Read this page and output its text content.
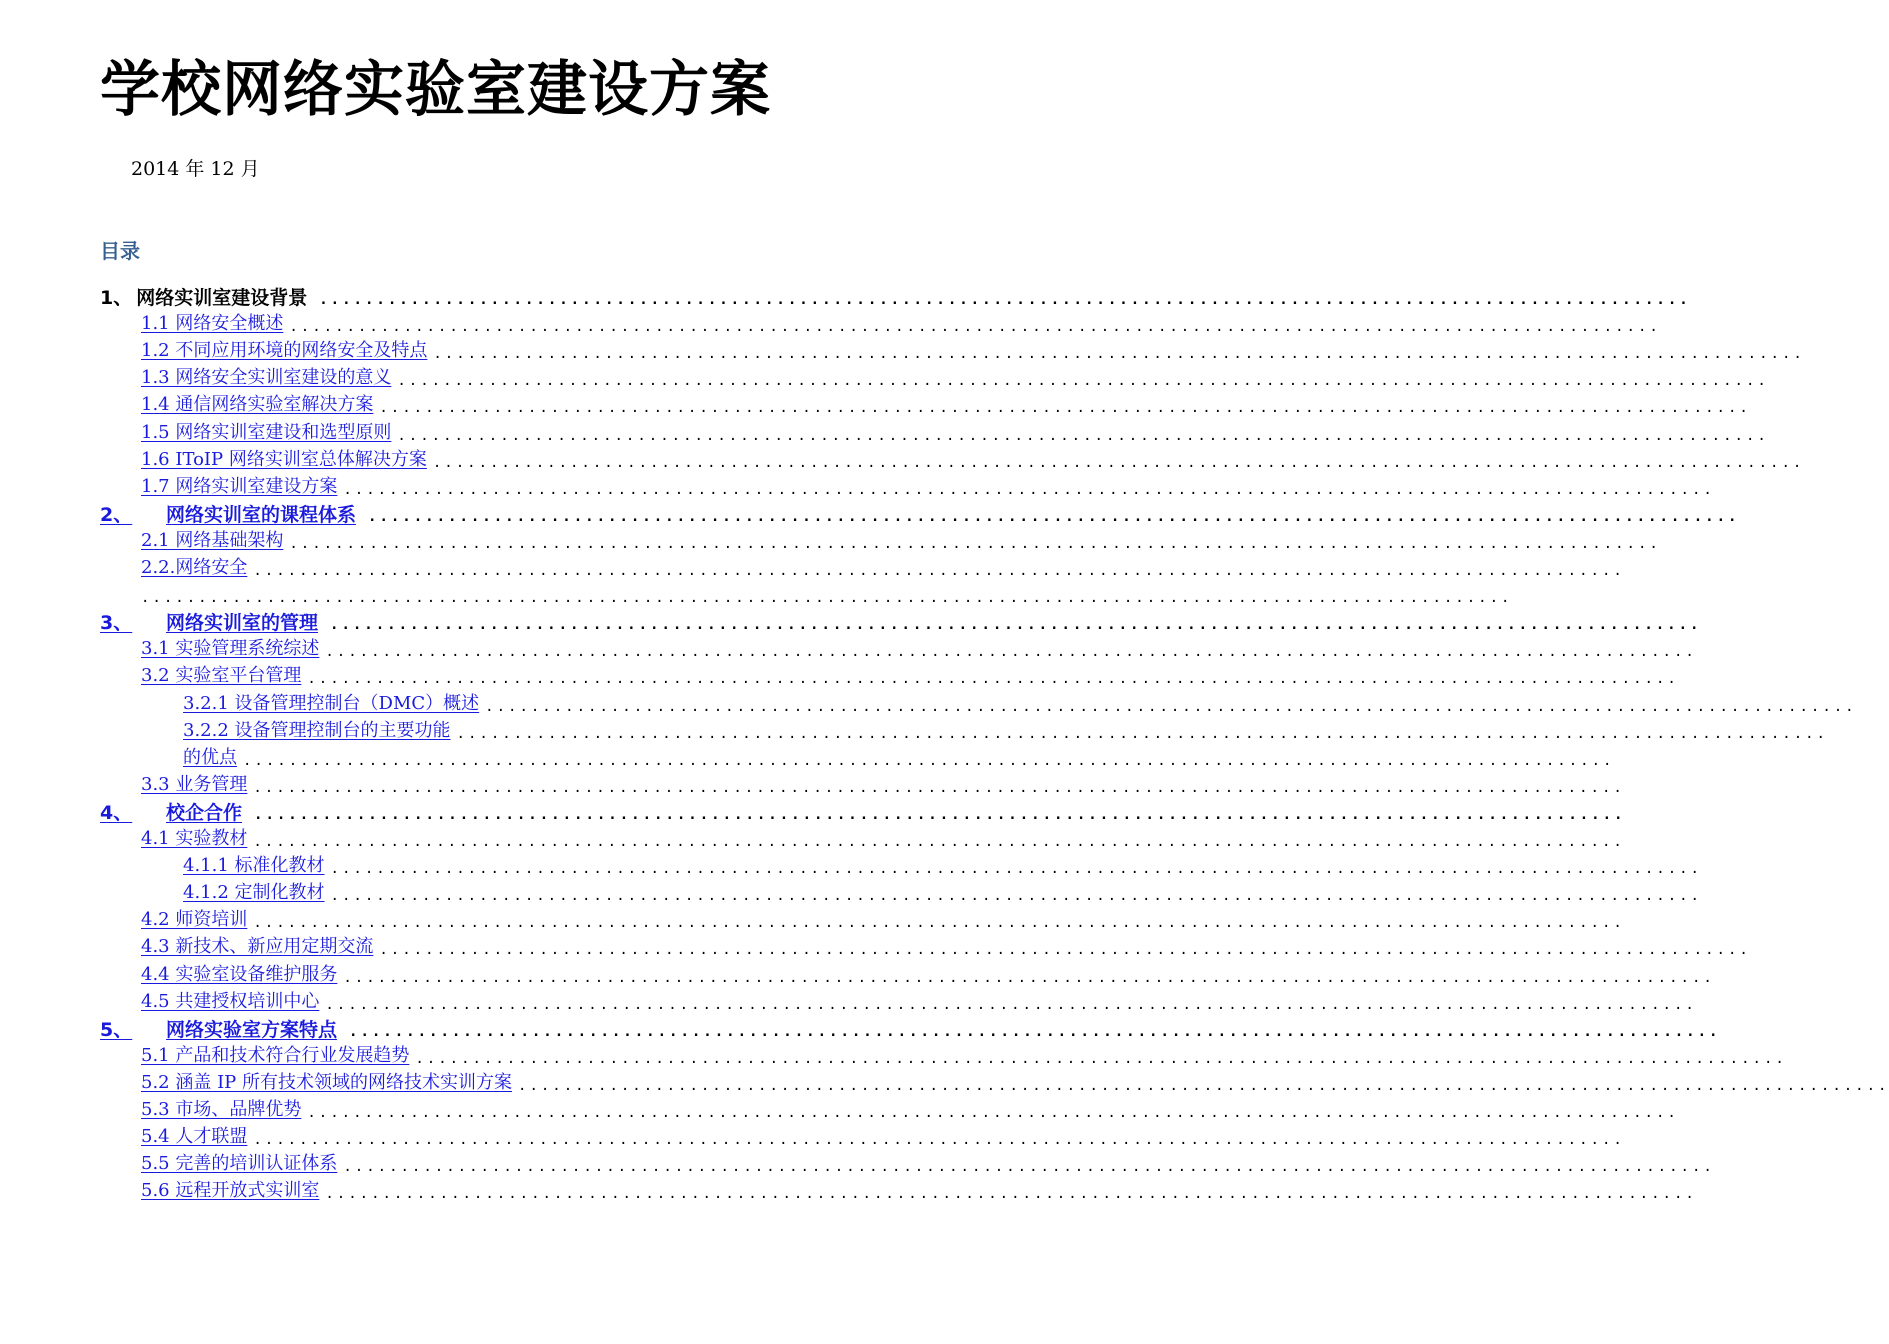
学校网络实验室建设方案
2014 年 12 月
目录
1、 网络实训室建设背景 ........................................................................................................................
1.1 网络安全概述 ........................................................................................................................
1.2 不同应用环境的网络安全及特点 ........................................................................................................................
1.3 网络安全实训室建设的意义 ........................................................................................................................
1.4 通信网络实验室解决方案 ........................................................................................................................
1.5 网络实训室建设和选型原则 ........................................................................................................................
1.6 IToIP 网络实训室总体解决方案 ........................................................................................................................
1.7 网络实训室建设方案 ........................................................................................................................
2、	网络实训室的课程体系 ........................................................................................................................
2.1 网络基础架构 ........................................................................................................................
2.2.网络安全 ........................................................................................................................
........................................................................................................................
3、	网络实训室的管理 ........................................................................................................................
3.1 实验管理系统综述 ........................................................................................................................
3.2 实验室平台管理 ........................................................................................................................
3.2.1 设备管理控制台（DMC）概述 ........................................................................................................................
3.2.2 设备管理控制台的主要功能 ........................................................................................................................
的优点 ........................................................................................................................
3.3 业务管理 ........................................................................................................................
4、	校企合作 ........................................................................................................................
4.1 实验教材 ........................................................................................................................
4.1.1 标准化教材 ........................................................................................................................
4.1.2 定制化教材 ........................................................................................................................
4.2 师资培训 ........................................................................................................................
4.3 新技术、新应用定期交流 ........................................................................................................................
4.4 实验室设备维护服务 ........................................................................................................................
4.5 共建授权培训中心 ........................................................................................................................
5、	网络实验室方案特点 ........................................................................................................................
5.1 产品和技术符合行业发展趋势 ........................................................................................................................
5.2 涵盖 IP 所有技术领域的网络技术实训方案 ........................................................................................................................
5.3 市场、品牌优势 ........................................................................................................................
5.4 人才联盟 ........................................................................................................................
5.5 完善的培训认证体系 ........................................................................................................................
5.6 远程开放式实训室 ........................................................................................................................
